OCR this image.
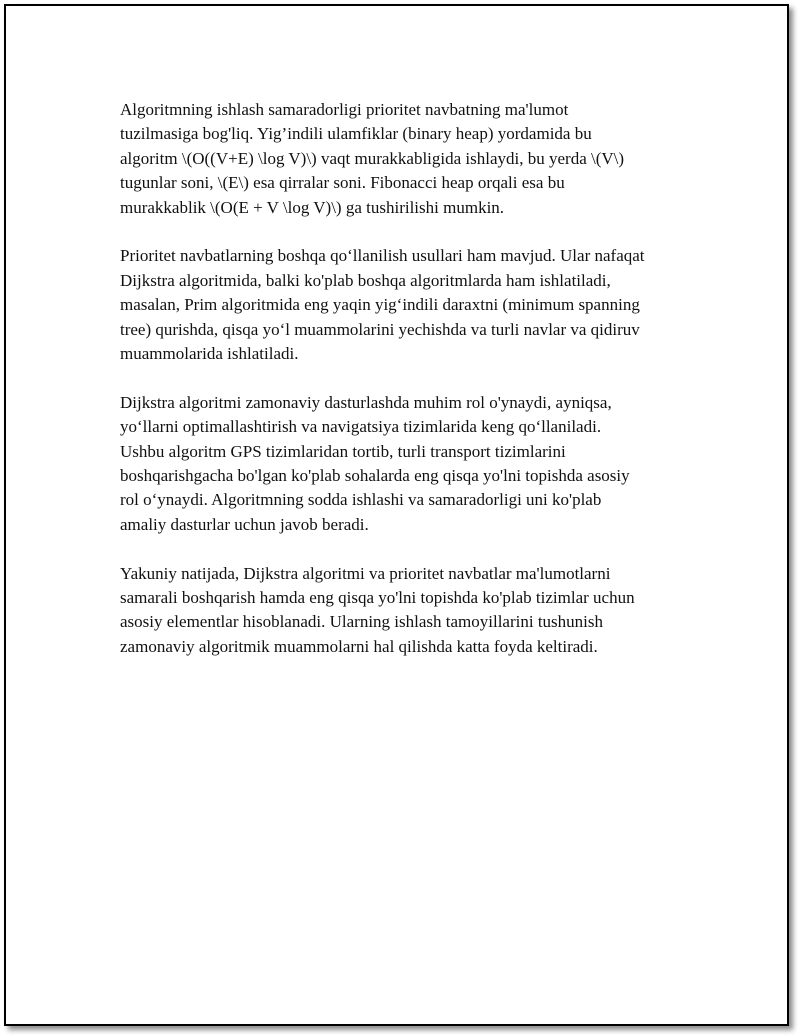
Algoritmning ishlash samaradorligi prioritet navbatning ma'lumot
tuzilmasiga bog'liq. Yig’indili ulamfiklar (binary heap) yordamida bu
algoritm \(O((V+E) \log V)\) vaqt murakkabligida ishlaydi, bu yerda \(V\)
tugunlar soni, \(E\) esa qirralar soni. Fibonacci heap orqali esa bu
murakkablik \(O(E + V \log V)\) ga tushirilishi mumkin.

Prioritet navbatlarning boshqa qo‘llanilish usullari ham mavjud. Ular nafaqat
Dijkstra algoritmida, balki ko'plab boshqa algoritmlarda ham ishlatiladi,
masalan, Prim algoritmida eng yaqin yig‘indili daraxtni (minimum spanning
tree) qurishda, qisqa yo‘l muammolarini yechishda va turli navlar va qidiruv
muammolarida ishlatiladi.

Dijkstra algoritmi zamonaviy dasturlashda muhim rol o'ynaydi, ayniqsa,
yo‘llarni optimallashtirish va navigatsiya tizimlarida keng qo‘llaniladi.
Ushbu algoritm GPS tizimlaridan tortib, turli transport tizimlarini
boshqarishgacha bo'lgan ko'plab sohalarda eng qisqa yo'lni topishda asosiy
rol o‘ynaydi. Algoritmning sodda ishlashi va samaradorligi uni ko'plab
amaliy dasturlar uchun javob beradi.

Yakuniy natijada, Dijkstra algoritmi va prioritet navbatlar ma'lumotlarni
samarali boshqarish hamda eng qisqa yo'lni topishda ko'plab tizimlar uchun
asosiy elementlar hisoblanadi. Ularning ishlash tamoyillarini tushunish
zamonaviy algoritmik muammolarni hal qilishda katta foyda keltiradi.
